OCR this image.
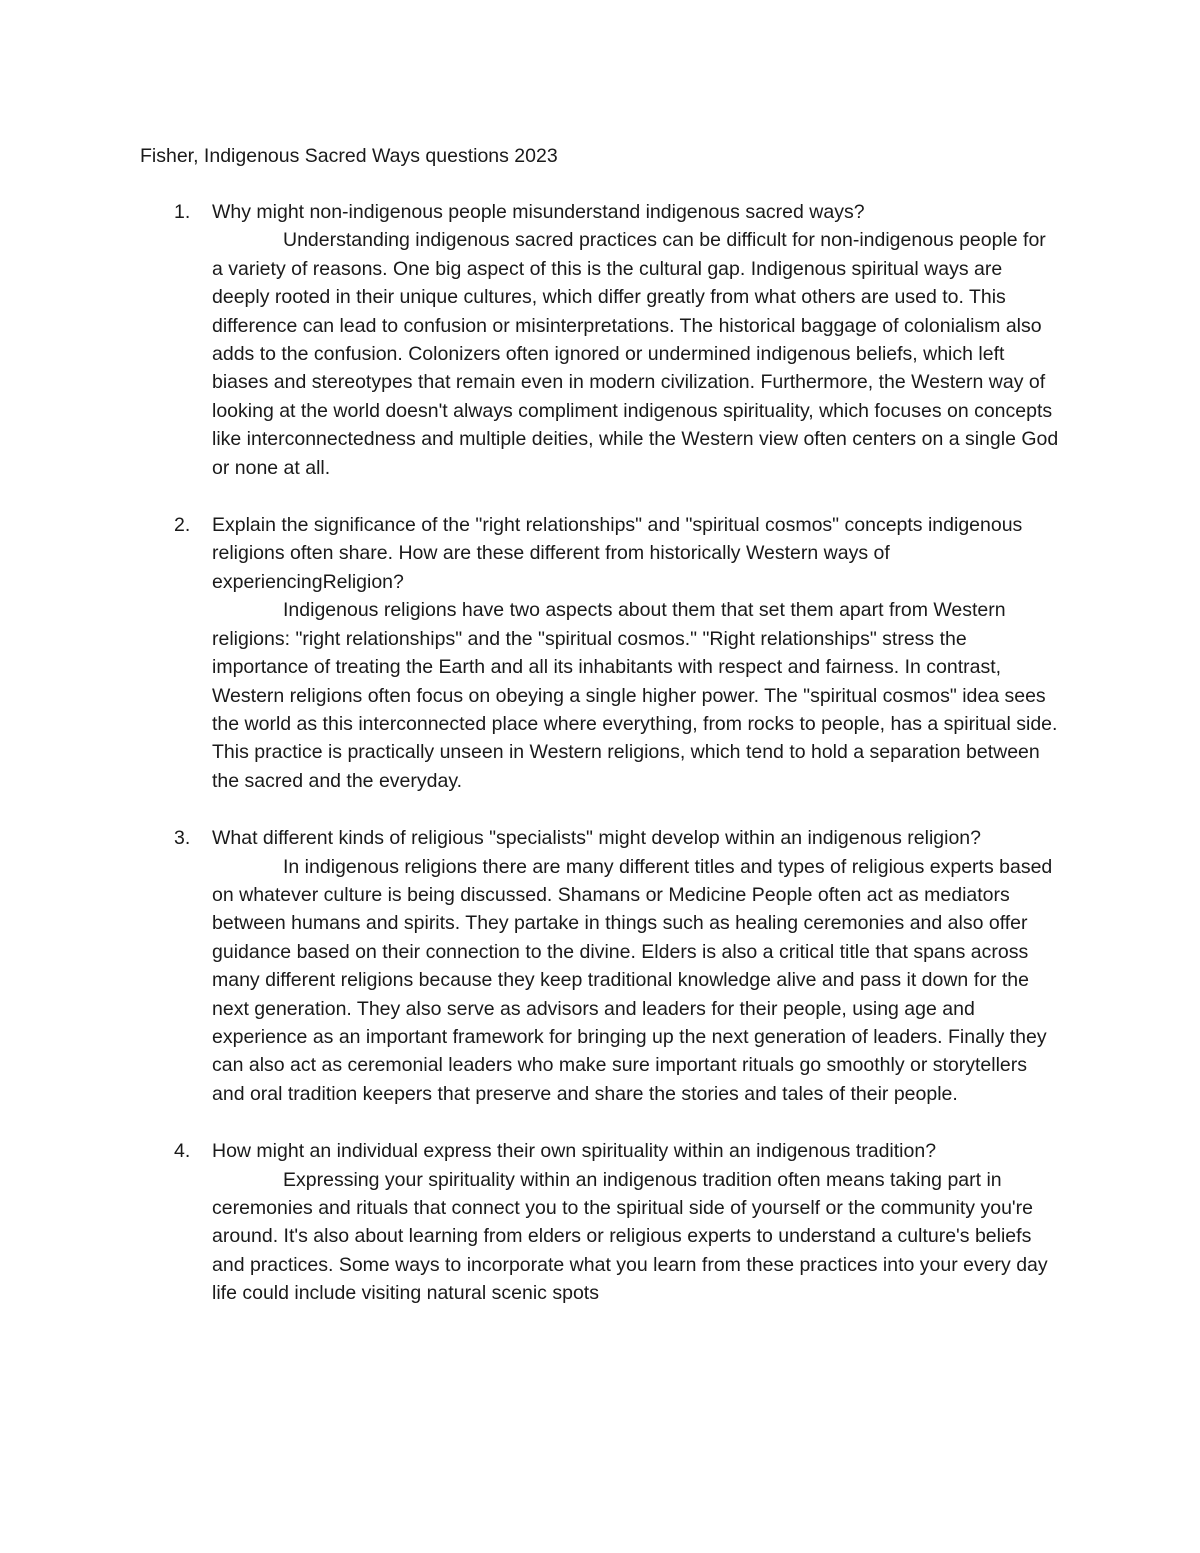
Fisher, Indigenous Sacred Ways questions 2023
1. Why might non-indigenous people misunderstand indigenous sacred ways?

Understanding indigenous sacred practices can be difficult for non-indigenous people for a variety of reasons. One big aspect of this is the cultural gap. Indigenous spiritual ways are deeply rooted in their unique cultures, which differ greatly from what others are used to. This difference can lead to confusion or misinterpretations. The historical baggage of colonialism also adds to the confusion. Colonizers often ignored or undermined indigenous beliefs, which left biases and stereotypes that remain even in modern civilization. Furthermore, the Western way of looking at the world doesn't always compliment indigenous spirituality, which focuses on concepts like interconnectedness and multiple deities, while the Western view often centers on a single God or none at all.

2. Explain the significance of the "right relationships" and "spiritual cosmos" concepts indigenous religions often share. How are these different from historically Western ways of experiencingReligion?

Indigenous religions have two aspects about them that set them apart from Western religions: "right relationships" and the "spiritual cosmos." "Right relationships" stress the importance of treating the Earth and all its inhabitants with respect and fairness. In contrast, Western religions often focus on obeying a single higher power. The "spiritual cosmos" idea sees the world as this interconnected place where everything, from rocks to people, has a spiritual side. This practice is practically unseen in Western religions, which tend to hold a separation between the sacred and the everyday.

3. What different kinds of religious "specialists" might develop within an indigenous religion?

In indigenous religions there are many different titles and types of religious experts based on whatever culture is being discussed. Shamans or Medicine People often act as mediators between humans and spirits. They partake in things such as healing ceremonies and also offer guidance based on their connection to the divine. Elders is also a critical title that spans across many different religions because they keep traditional knowledge alive and pass it down for the next generation. They also serve as advisors and leaders for their people, using age and experience as an important framework for bringing up the next generation of leaders. Finally they can also act as ceremonial leaders who make sure important rituals go smoothly or storytellers and oral tradition keepers that preserve and share the stories and tales of their people.

4. How might an individual express their own spirituality within an indigenous tradition?

Expressing your spirituality within an indigenous tradition often means taking part in ceremonies and rituals that connect you to the spiritual side of yourself or the community you're around. It's also about learning from elders or religious experts to understand a culture's beliefs and practices. Some ways to incorporate what you learn from these practices into your every day life could include visiting natural scenic spots
